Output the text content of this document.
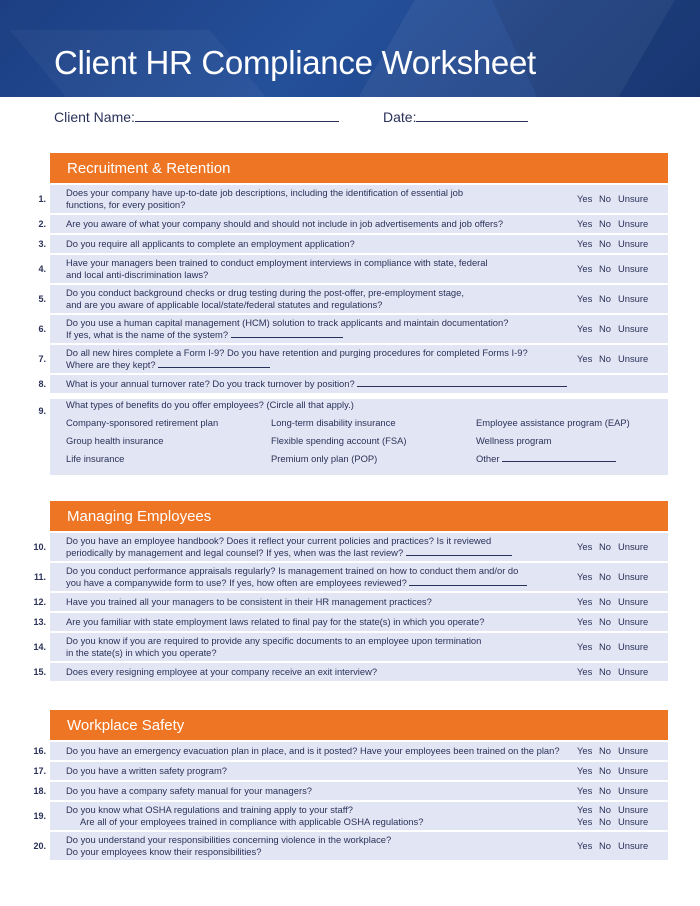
Client HR Compliance Worksheet
Client Name:	Date:
Recruitment & Retention
1.
Does your company have up-to-date job descriptions, including the identification of essential job
functions, for every position?
Yes No Unsure
2. Are you aware of what your company should and should not include in job advertisements and job offers?	Yes No Unsure
3. Do you require all applicants to complete an employment application?	Yes No Unsure
4.
Have your managers been trained to conduct employment interviews in compliance with state, federal
and local anti-discrimination laws?
Yes No Unsure
5.
Do you conduct background checks or drug testing during the post-offer, pre-employment stage,
and are you aware of applicable local/state/federal statutes and regulations?
Yes No Unsure
6.
Do you use a human capital management (HCM) solution to track applicants and maintain documentation?
If yes, what is the name of the system?
Yes No Unsure
7.
Do all new hires complete a Form I-9? Do you have retention and purging procedures for completed Forms I-9?
Where are they kept?
Yes No Unsure
8.	What is your annual turnover rate? Do you track turnover by position?
9.
What types of benefits do you offer employees? (Circle all that apply.)
Company-sponsored retirement plan	Long-term disability insurance	Employee assistance program (EAP)
Group health insurance	Flexible spending account (FSA)	Wellness program
Life insurance	Premium only plan (POP)	Other
Managing Employees
10.
Do you have an employee handbook? Does it reflect your current policies and practices? Is it reviewed
periodically by management and legal counsel? If yes, when was the last review?
Yes No Unsure
11.
Do you conduct performance appraisals regularly? Is management trained on how to conduct them and/or do
you have a companywide form to use? If yes, how often are employees reviewed?
Yes No Unsure
12. Have you trained all your managers to be consistent in their HR management practices?	Yes No Unsure
13. Are you familiar with state employment laws related to final pay for the state(s) in which you operate?	Yes No Unsure
14.
Do you know if you are required to provide any specific documents to an employee upon termination
in the state(s) in which you operate?
Yes No Unsure
15. Does every resigning employee at your company receive an exit interview?	Yes No Unsure
Workplace Safety
16. Do you have an emergency evacuation plan in place, and is it posted? Have your employees been trained on the plan?	Yes No Unsure
17. Do you have a written safety program?	Yes No Unsure
18. Do you have a company safety manual for your managers?	Yes No Unsure
19.
Do you know what OSHA regulations and training apply to your staff?
Are all of your employees trained in compliance with applicable OSHA regulations?
Yes No Unsure
Yes No Unsure
20.
Do you understand your responsibilities concerning violence in the workplace?
Do your employees know their responsibilities?
Yes No Unsure
